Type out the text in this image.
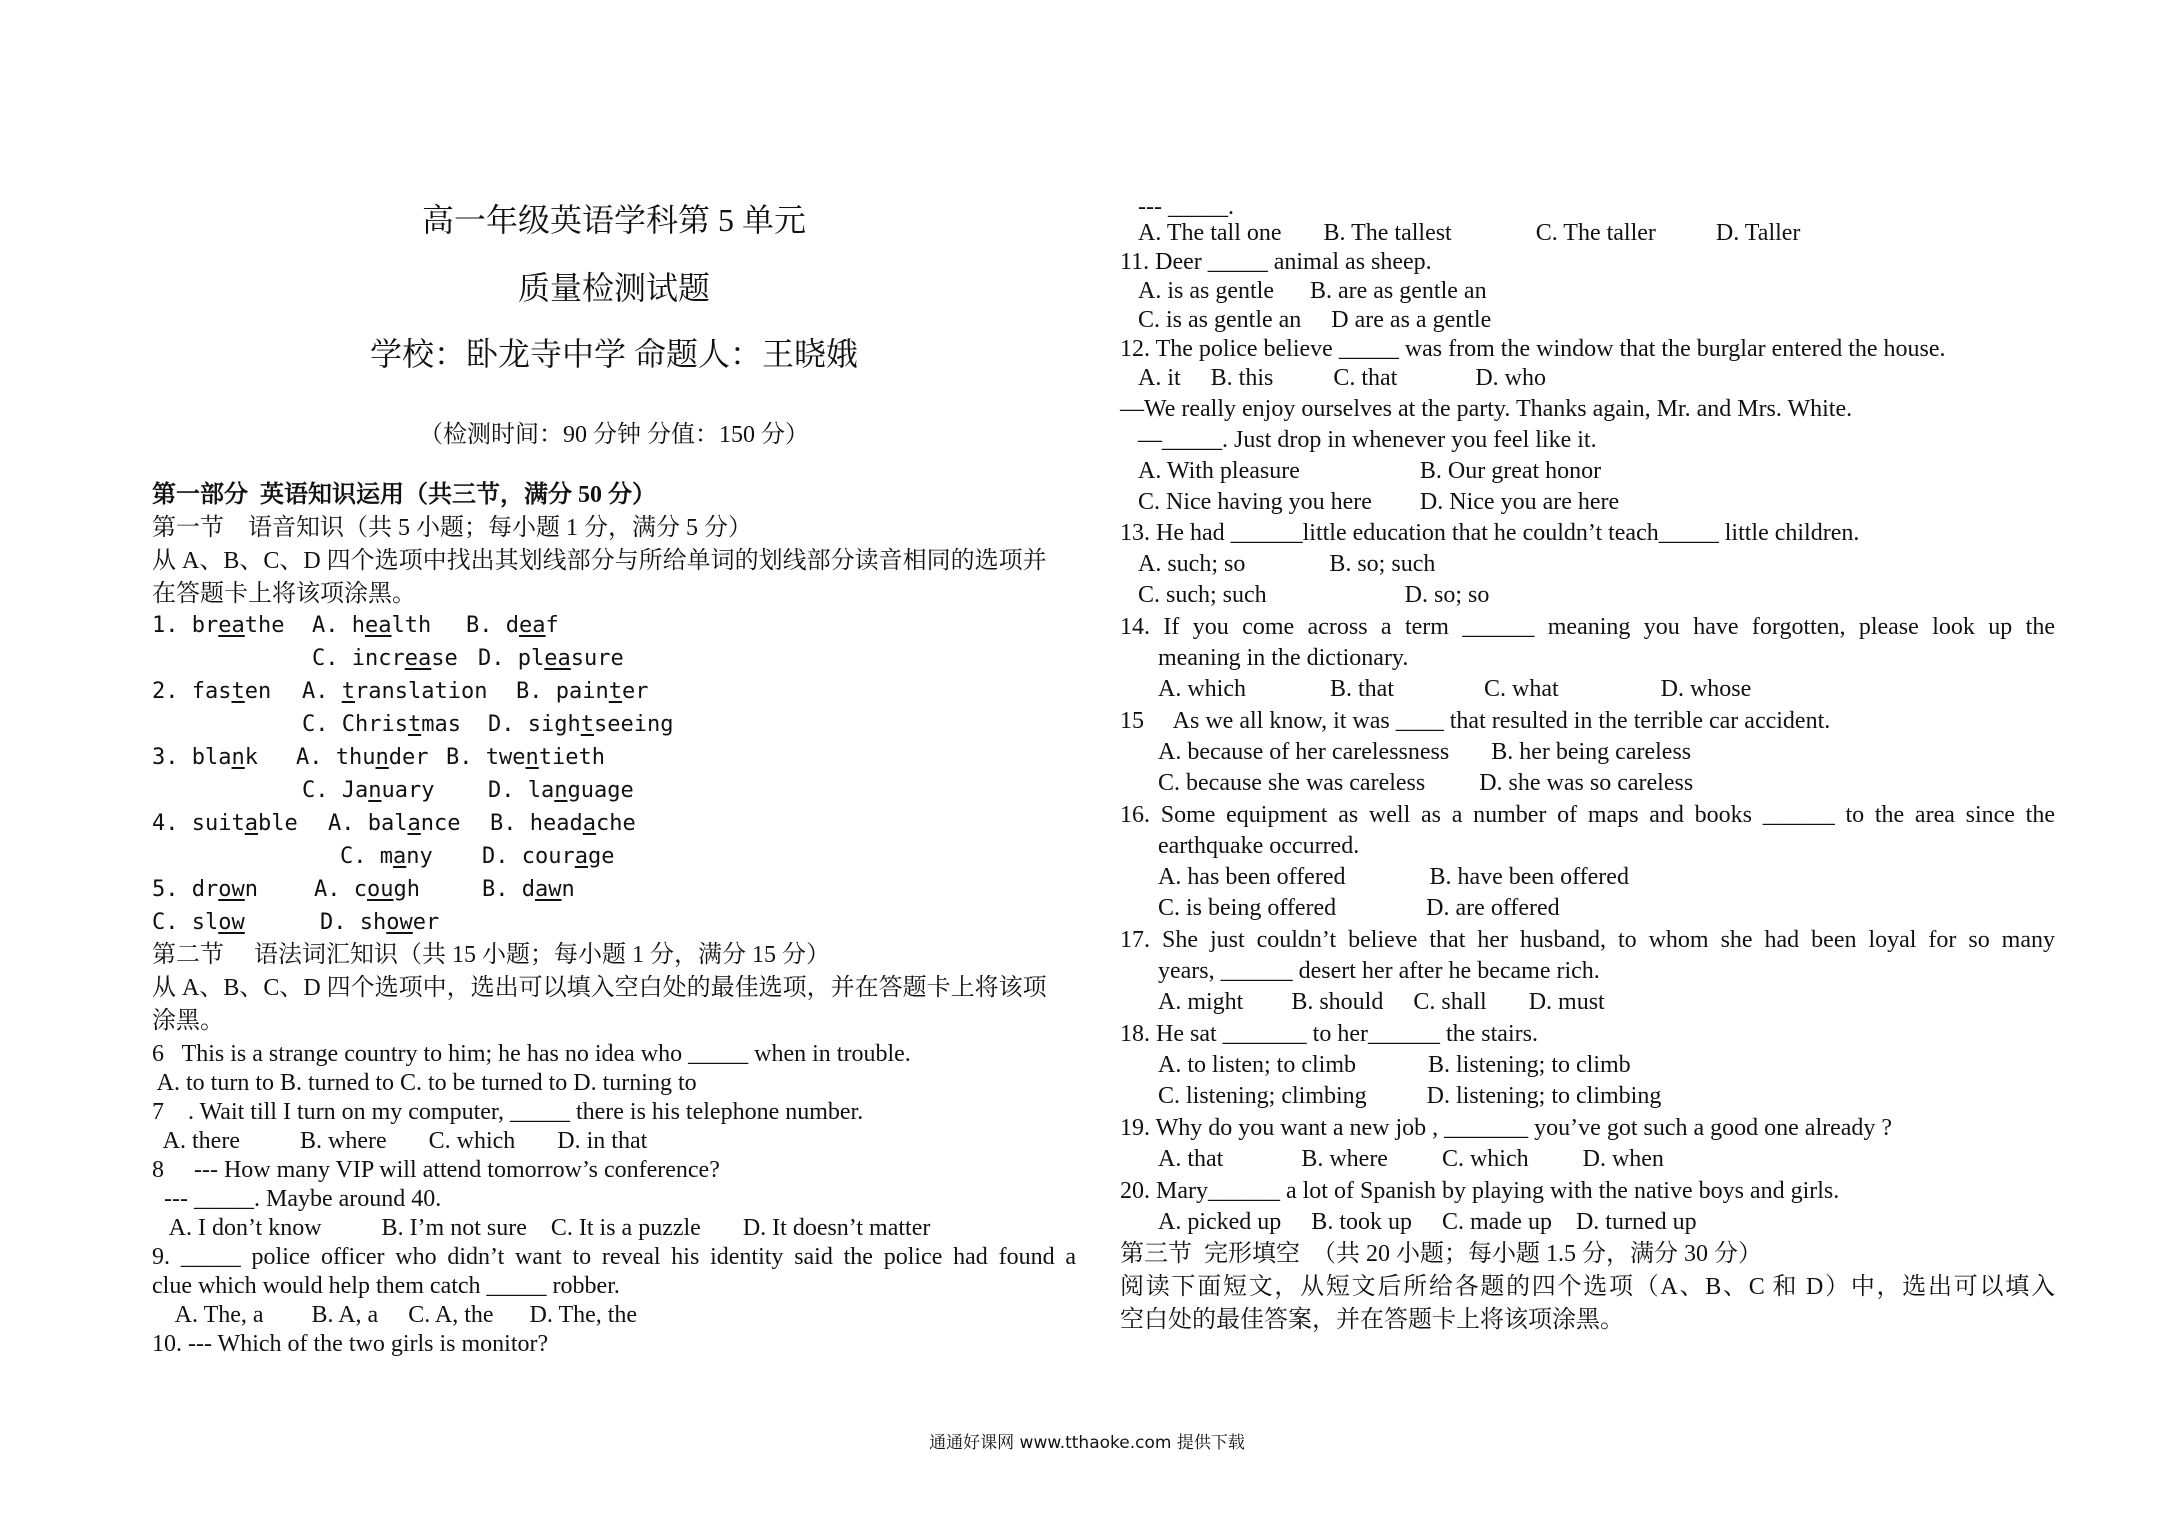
高一年级英语学科第 5 单元
质量检测试题
学校：卧龙寺中学 命题人：王晓娥
（检测时间：90 分钟 分值：150 分）
第一部分  英语知识运用（共三节，满分 50 分）
第一节    语音知识（共 5 小题；每小题 1 分，满分 5 分）
从 A、B、C、D 四个选项中找出其划线部分与所给单词的划线部分读音相同的选项并
在答题卡上将该项涂黑。
1. breathe A. health B. deaf
C. increase D. pleasure
2. fasten A. translation B. painter
C. Christmas D. sightseeing
3. blank A. thunder B. twentieth
C. January D. language
4. suitable A. balance B. headache
C. many D. courage
5. drown	A. cough	B. dawn
C. slow	D. shower
第二节     语法词汇知识（共 15 小题；每小题 1 分，满分 15 分）
从 A、B、C、D 四个选项中，选出可以填入空白处的最佳选项，并在答题卡上将该项
涂黑。
6   This is a strange country to him; he has no idea who _____ when in trouble.
A. to turn to B. turned to C. to be turned to D. turning to
7    . Wait till I turn on my computer, _____ there is his telephone number.
A. there          B. where       C. which       D. in that
8     --- How many VIP will attend tomorrow’s conference?
--- _____. Maybe around 40.
A. I don’t know          B. I’m not sure    C. It is a puzzle       D. It doesn’t matter
9. _____ police officer who didn’t want to reveal his identity said the police had found a
clue which would help them catch _____ robber.
A. The, a        B. A, a     C. A, the      D. The, the
10. --- Which of the two girls is monitor?
--- _____.
A. The tall one       B. The tallest              C. The taller          D. Taller
11. Deer _____ animal as sheep.
A. is as gentle      B. are as gentle an
C. is as gentle an     D are as a gentle
12. The police believe _____ was from the window that the burglar entered the house.
A. it     B. this          C. that             D. who
—We really enjoy ourselves at the party. Thanks again, Mr. and Mrs. White.
—_____. Just drop in whenever you feel like it.
A. With pleasure                    B. Our great honor
C. Nice having you here        D. Nice you are here
13. He had ______little education that he couldn’t teach_____ little children.
A. such; so              B. so; such
C. such; such                       D. so; so
14. If you come across a term ______ meaning you have forgotten, please look up the
meaning in the dictionary.
A. which              B. that               C. what                 D. whose
15     As we all know, it was ____ that resulted in the terrible car accident.
A. because of her carelessness       B. her being careless
C. because she was careless         D. she was so careless
16. Some equipment as well as a number of maps and books ______ to the area since the
earthquake occurred.
A. has been offered              B. have been offered
C. is being offered               D. are offered
17. She just couldn’t believe that her husband, to whom she had been loyal for so many
years, ______ desert her after he became rich.
A. might        B. should     C. shall       D. must
18. He sat _______ to her______ the stairs.
A. to listen; to climb            B. listening; to climb
C. listening; climbing          D. listening; to climbing
19. Why do you want a new job , _______ you’ve got such a good one already ?
A. that             B. where         C. which         D. when
20. Mary______ a lot of Spanish by playing with the native boys and girls.
A. picked up     B. took up     C. made up    D. turned up
第三节  完形填空  （共 20 小题；每小题 1.5 分，满分 30 分）
阅读下面短文，从短文后所给各题的四个选项（A、B、C 和 D）中，选出可以填入
空白处的最佳答案，并在答题卡上将该项涂黑。
通通好课网 www.tthaoke.com 提供下载
